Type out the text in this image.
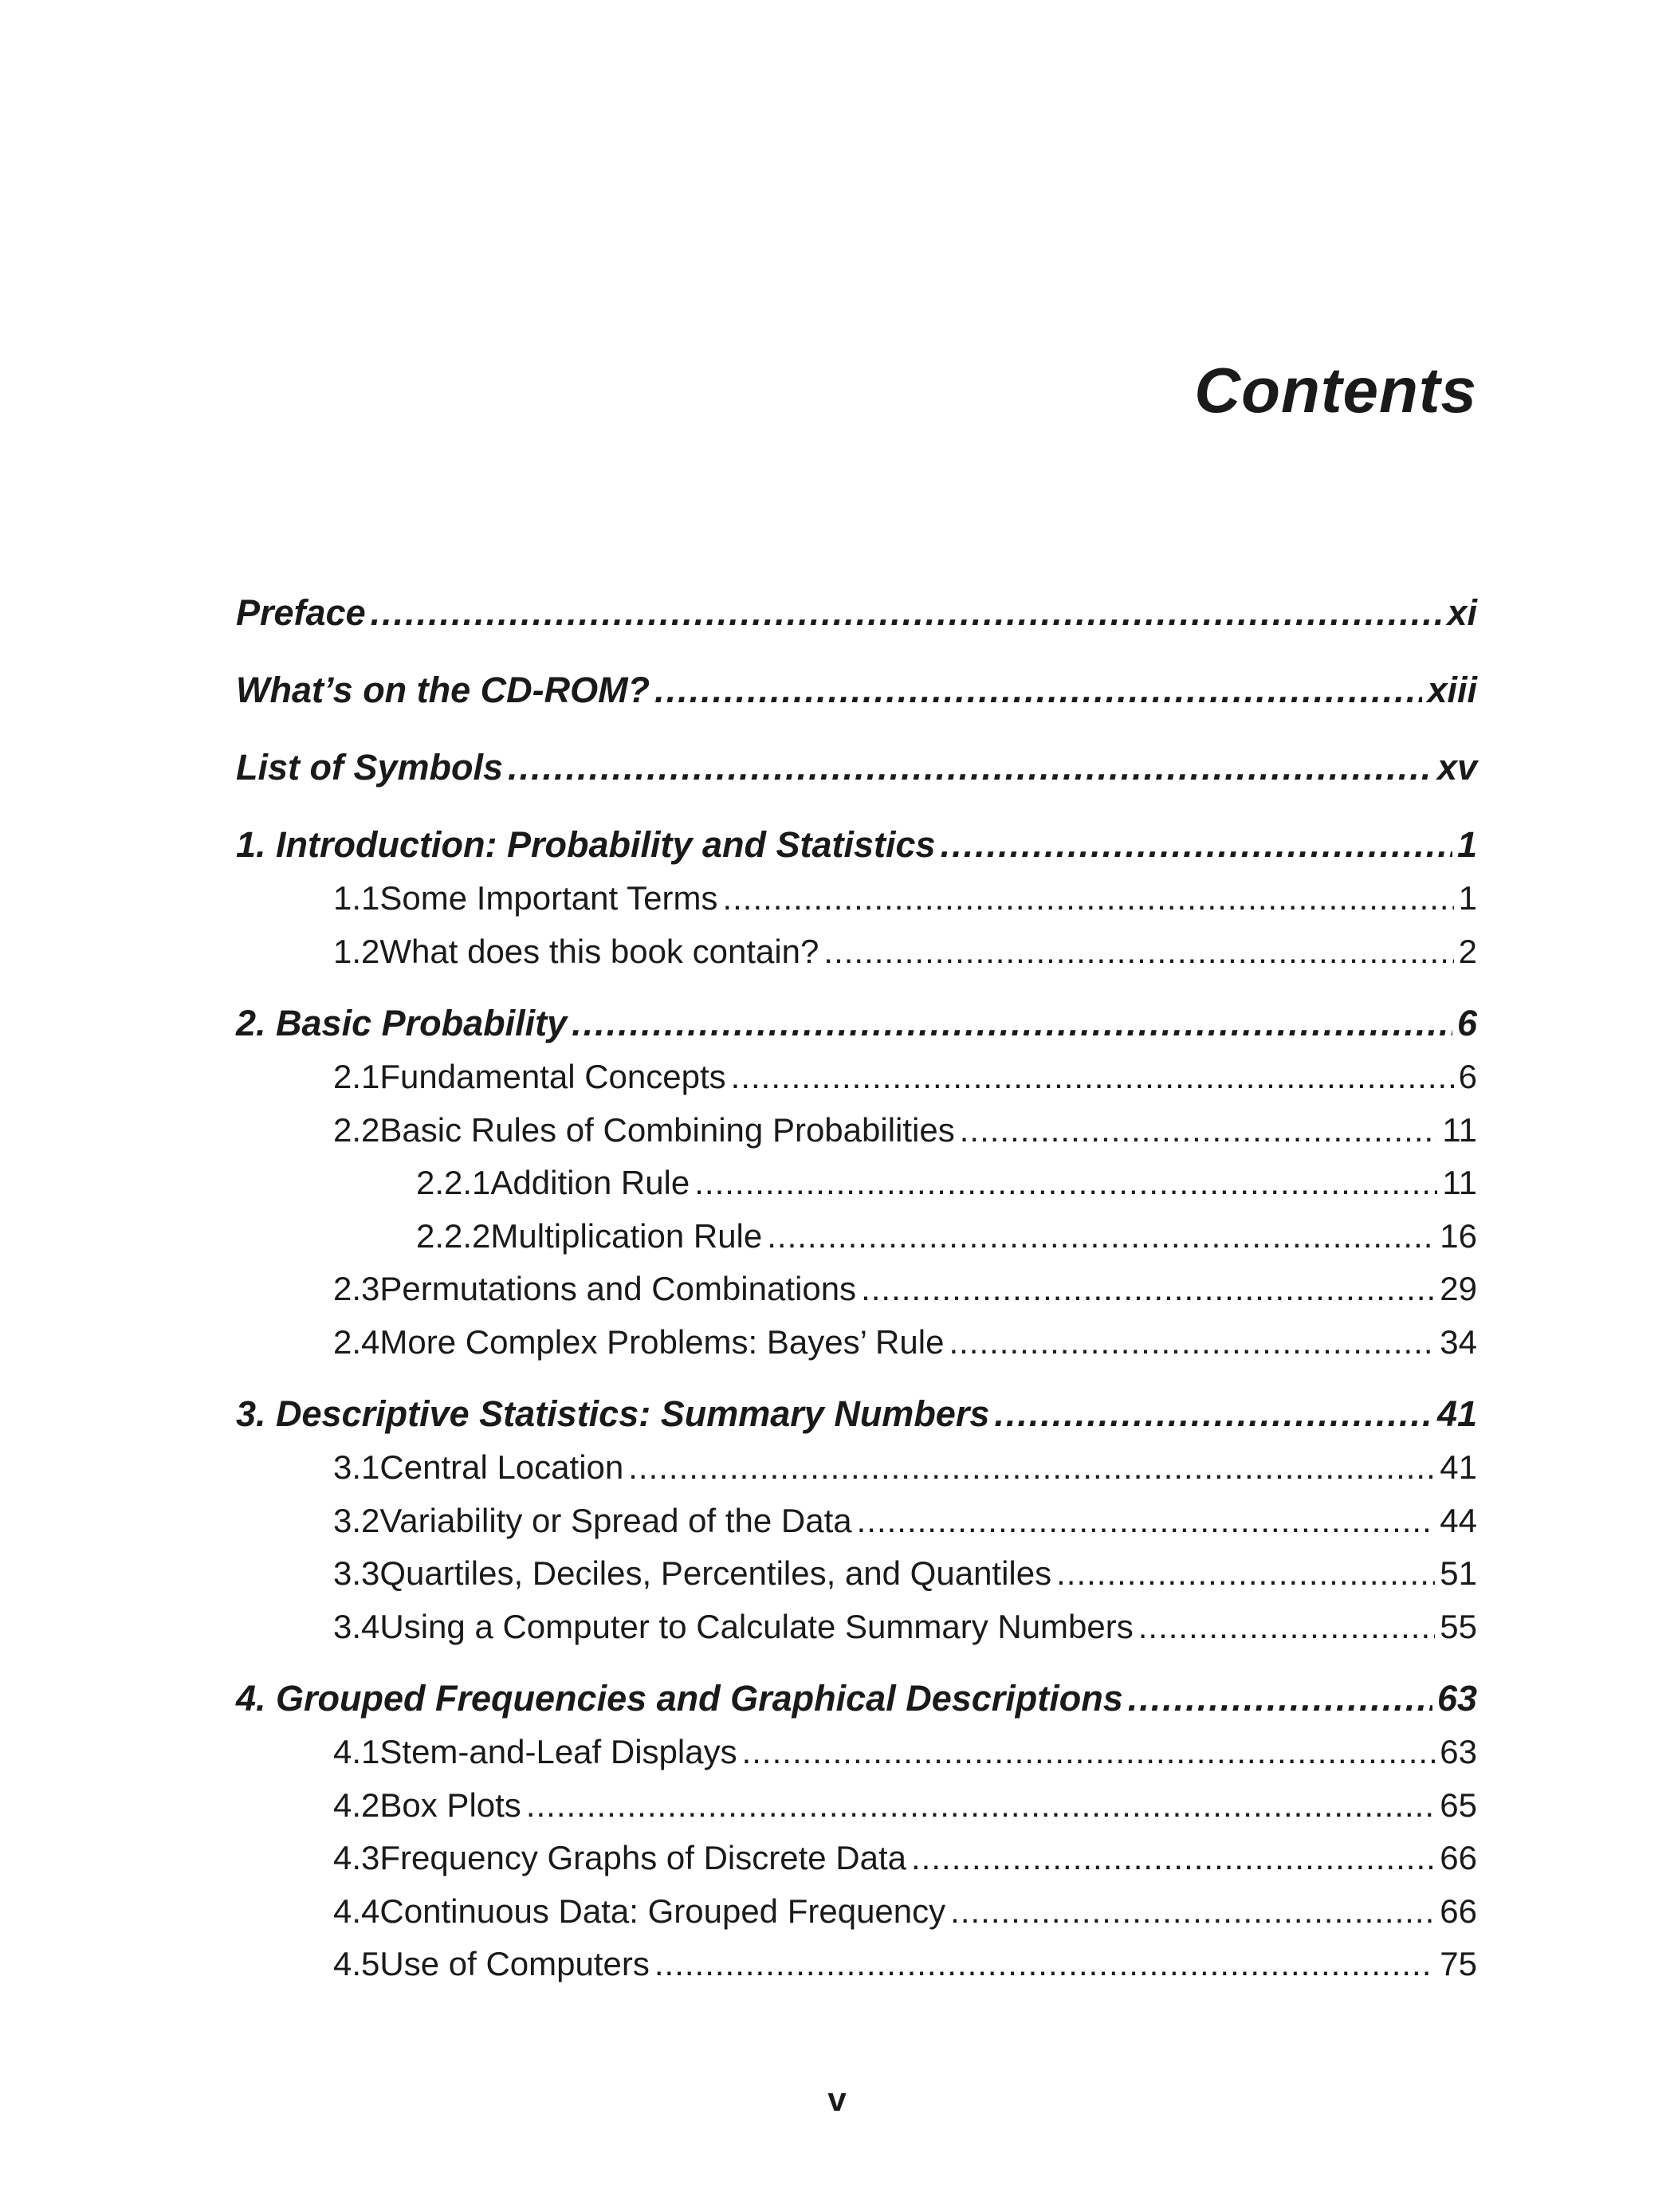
Contents
Preface .....	xi
What’s on the CD-ROM? .....	xiii
List of Symbols .....	xv
1. Introduction: Probability and Statistics .....	1
1.1 Some Important Terms .....	1
1.2 What does this book contain? .....	2
2. Basic Probability .....	6
2.1 Fundamental Concepts .....	6
2.2 Basic Rules of Combining Probabilities .....	11
2.2.1 Addition Rule .....	11
2.2.2 Multiplication Rule .....	16
2.3 Permutations and Combinations .....	29
2.4 More Complex Problems: Bayes’ Rule .....	34
3. Descriptive Statistics: Summary Numbers .....	41
3.1 Central Location .....	41
3.2 Variability or Spread of the Data .....	44
3.3 Quartiles, Deciles, Percentiles, and Quantiles .....	51
3.4 Using a Computer to Calculate Summary Numbers .....	55
4. Grouped Frequencies and Graphical Descriptions .....	63
4.1 Stem-and-Leaf Displays .....	63
4.2 Box Plots .....	65
4.3 Frequency Graphs of Discrete Data .....	66
4.4 Continuous Data: Grouped Frequency .....	66
4.5 Use of Computers .....	75

v
